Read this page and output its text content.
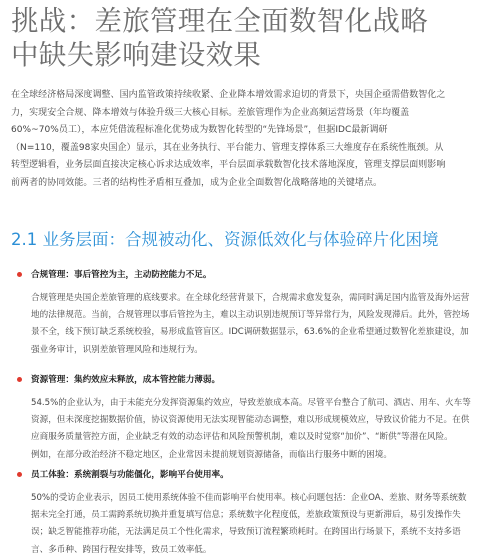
挑战：差旅管理在全面数智化战略
中缺失影响建设效果
在全球经济格局深度调整、国内监管政策持续收紧、企业降本增效需求迫切的背景下，央国企亟需借数智化之
力，实现安全合规、降本增效与体验升级三大核心目标。差旅管理作为企业高频运营场景（年均覆盖
60%~70%员工），本应凭借流程标准化优势成为数智化转型的“先锋场景”，但据IDC最新调研
（N=110，覆盖98家央国企）显示，其在业务执行、平台能力、管理支撑体系三大维度存在系统性瓶颈。从
转型逻辑看，业务层面直接决定核心诉求达成效率，平台层面承载数智化技术落地深度，管理支撑层面则影响
前两者的协同效能。三者的结构性矛盾相互叠加，成为企业全面数智化战略落地的关键堵点。
2.1 业务层面：合规被动化、资源低效化与体验碎片化困境
合规管理：事后管控为主，主动防控能力不足。
合规管理是央国企差旅管理的底线要求。在全球化经营背景下，合规需求愈发复杂，需同时满足国内监管及海外运营
地的法律规范。当前，合规管理以事后管控为主，难以主动识别违规预订等异常行为，风险发现滞后。此外，管控场
景不全，线下预订缺乏系统校验，易形成监管盲区。IDC调研数据显示，63.6%的企业希望通过数智化差旅建设，加
强业务审计，识别差旅管理风险和违规行为。
资源管理：集约效应未释放，成本管控能力薄弱。
54.5%的企业认为，由于未能充分发挥资源集约效应，导致差旅成本高。尽管平台整合了航司、酒店、用车、火车等
资源，但未深度挖掘数据价值，协议资源使用无法实现智能动态调整，难以形成规模效应，导致议价能力不足。在供
应商服务质量管控方面，企业缺乏有效的动态评估和风险预警机制，难以及时觉察“加价”、“断供”等潜在风险。
例如，在部分政治经济不稳定地区，企业常因未提前规划资源储备，而临出行服务中断的困境。
员工体验：系统割裂与功能僵化，影响平台使用率。
50%的受访企业表示，因员工使用系统体验不佳而影响平台使用率。核心问题包括：企业OA、差旅、财务等系统数
据未完全打通，员工需跨系统切换并重复填写信息；系统数字化程度低，差旅政策预设与更新滞后，易引发操作失
误；缺乏智能推荐功能，无法满足员工个性化需求，导致预订流程繁琐耗时。在跨国出行场景下，系统不支持多语
言、多币种、跨国行程安排等，致员工效率低。
